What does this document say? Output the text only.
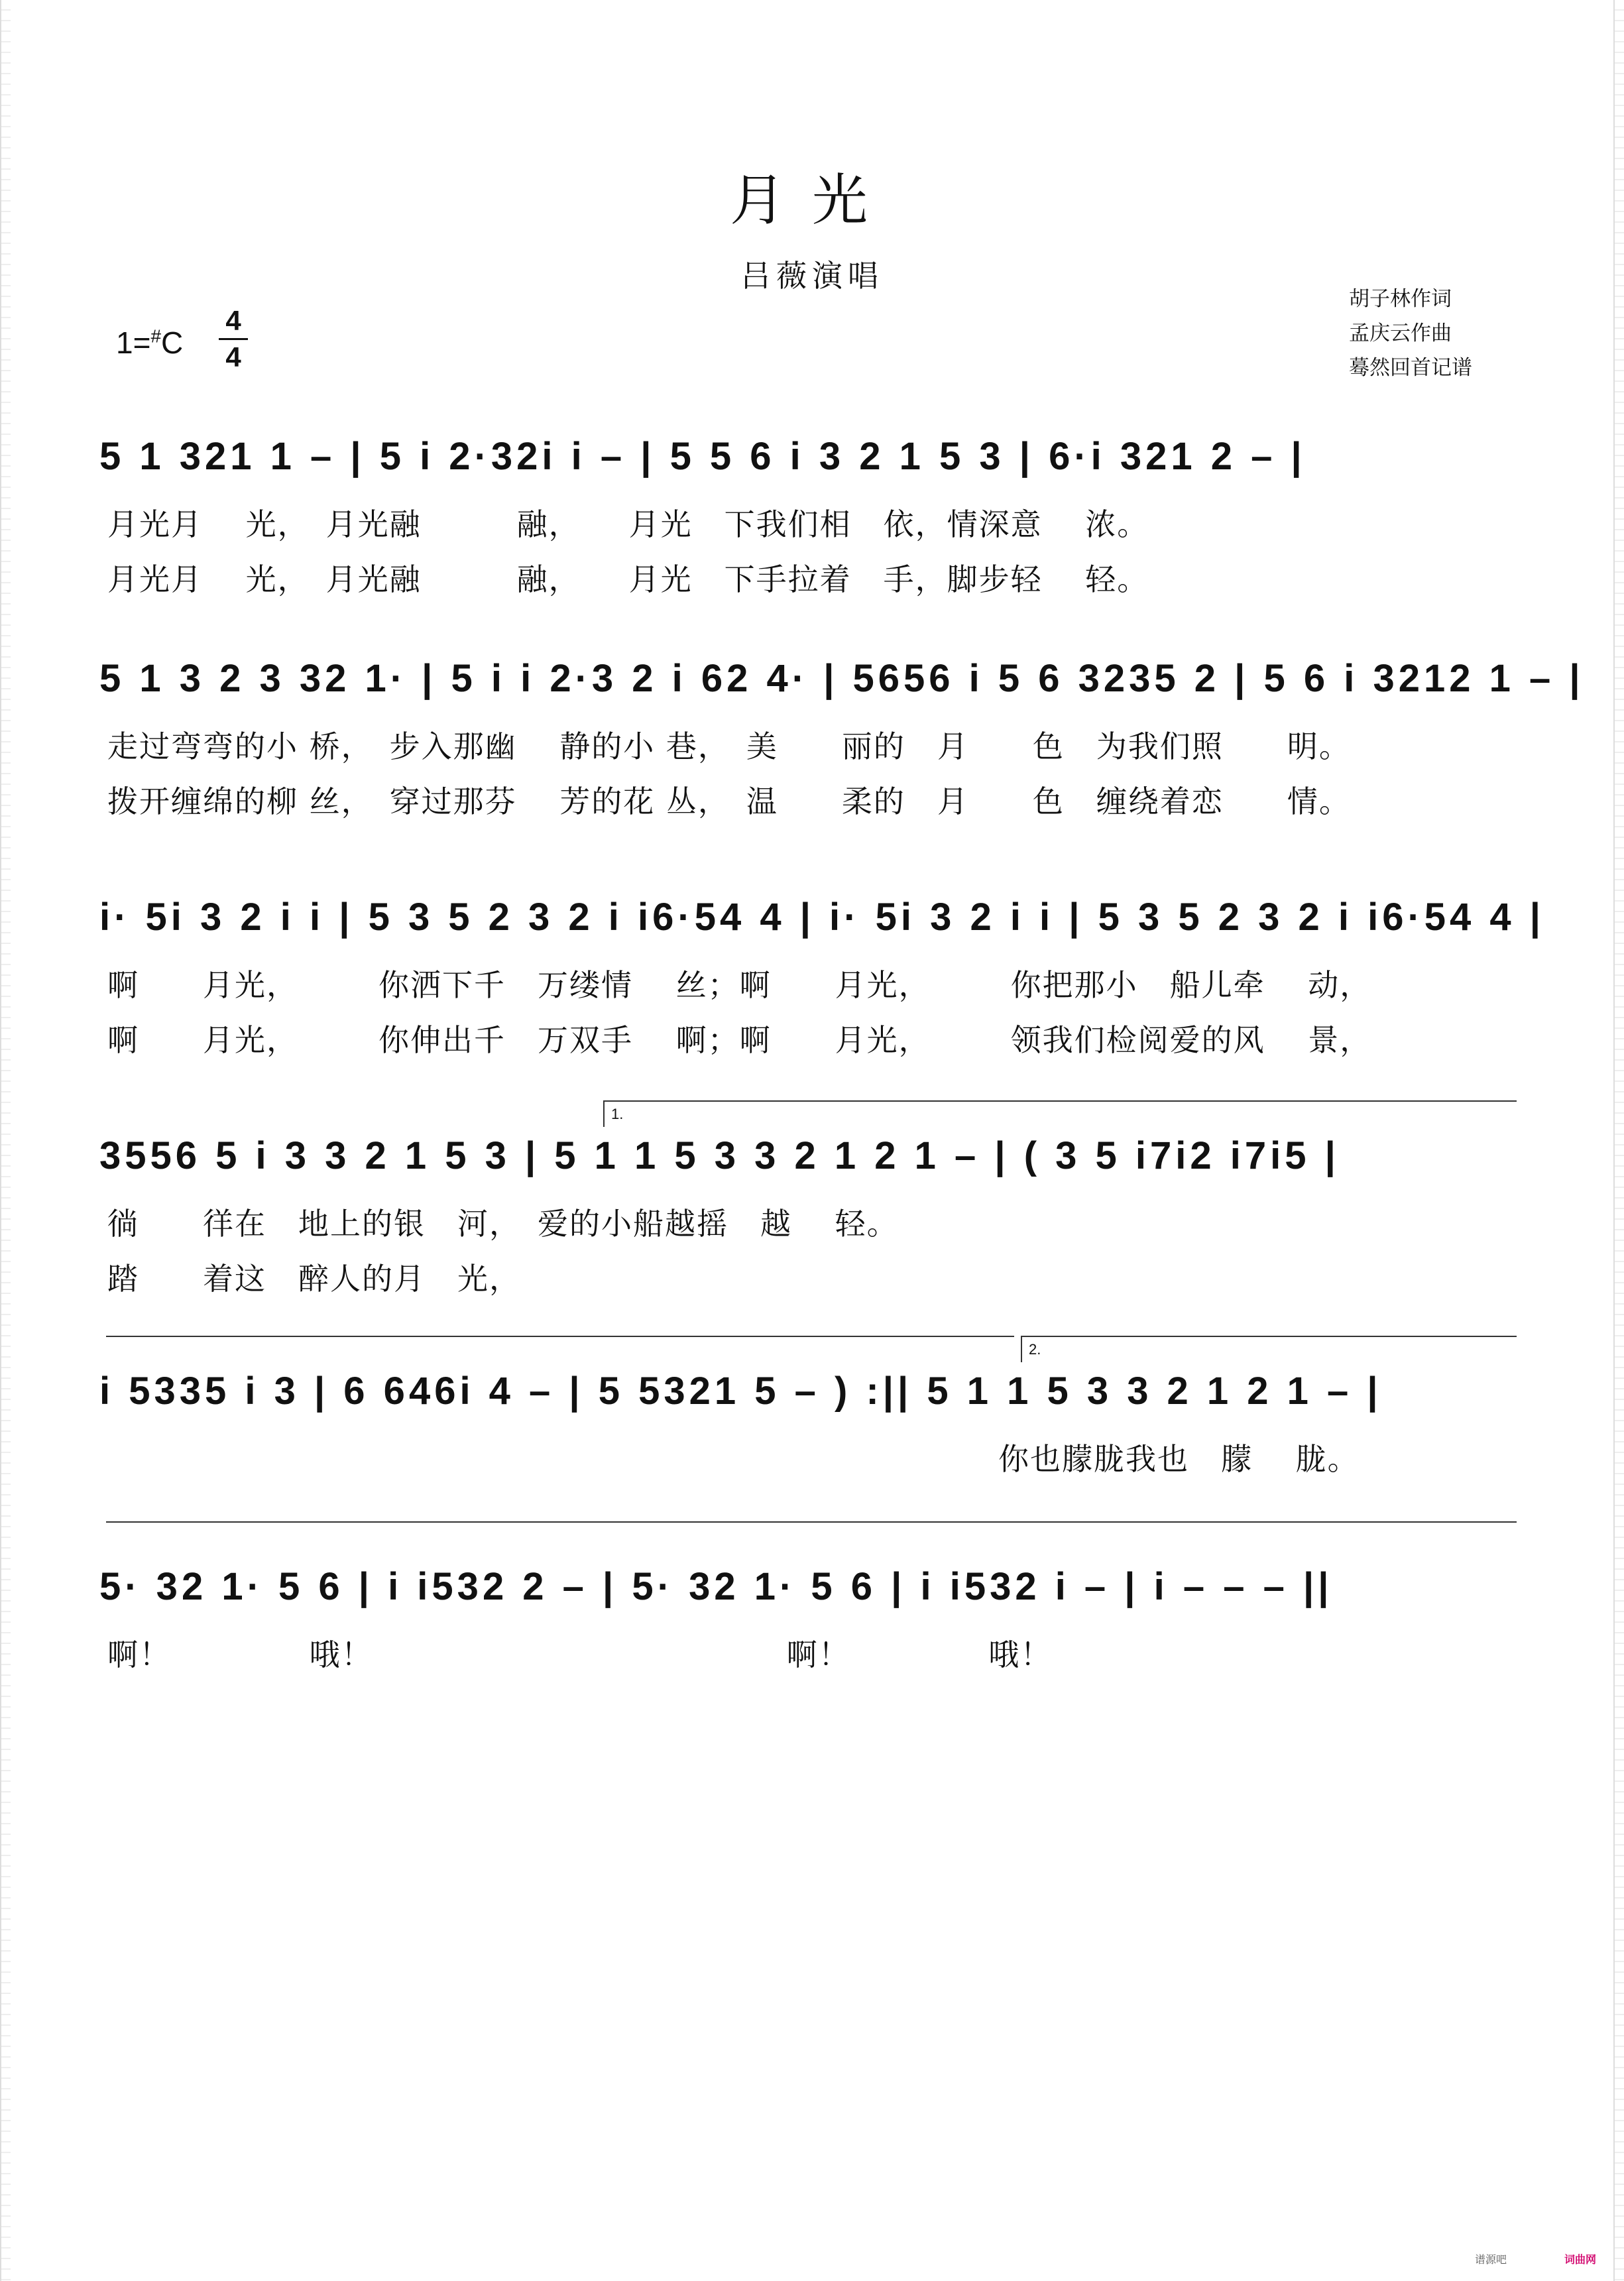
月光
吕薇演唱
胡子林作词
孟庆云作曲
蓦然回首记谱
1=#C
4
4
5 1 321 1 – | 5 i 2·32i i – | 5 5 6 i 3 2 1 5 3 | 6·i 321 2 – |
月光月　 光，　月光融　　　融，　　月光　下我们相　依，情深意　 浓。
月光月　 光，　月光融　　　融，　　月光　下手拉着　手，脚步轻　 轻。
5 1 3 2 3 32 1· | 5 i i 2·3 2 i 62 4· | 5656 i 5 6 3235 2 | 5 6 i 3212 1 – |
走过弯弯的小 桥，　步入那幽　 静的小 巷，　美　　丽的　月　　色　为我们照　　明。
拨开缠绵的柳 丝，　穿过那芬　 芳的花 丛，　温　　柔的　月　　色　缠绕着恋　　情。
i· 5i 3 2 i i | 5 3 5 2 3 2 i i6·54 4 | i· 5i 3 2 i i | 5 3 5 2 3 2 i i6·54 4 |
啊　　月光，　　　你洒下千　万缕情　 丝；啊　　月光，　　　你把那小　船儿牵　 动，
啊　　月光，　　　你伸出千　万双手　 啊；啊　　月光，　　　领我们检阅爱的风　 景，
1.
3556 5 i 3 3 2 1 5 3 | 5 1 1 5 3 3 2 1 2 1 – | ( 3 5 i7i2 i7i5 |
徜　　徉在　地上的银　河，　爱的小船越摇　越　 轻。
踏　　着这　醉人的月　光，
2.
i 5335 i 3 | 6 646i 4 – | 5 5321 5 – ) :|| 5 1 1 5 3 3 2 1 2 1 – |
　　　　　　　　　　　　　　　　　　　　　　　　　　　　你也朦胧我也　朦　 胧。
5· 32 1· 5 6 | i i532 2 – | 5· 32 1· 5 6 | i i532 i – | i – – – ||
啊！　　　　 哦！　　　　　　　　　　　　　啊！　　　　 哦！
谱源吧	词曲网
